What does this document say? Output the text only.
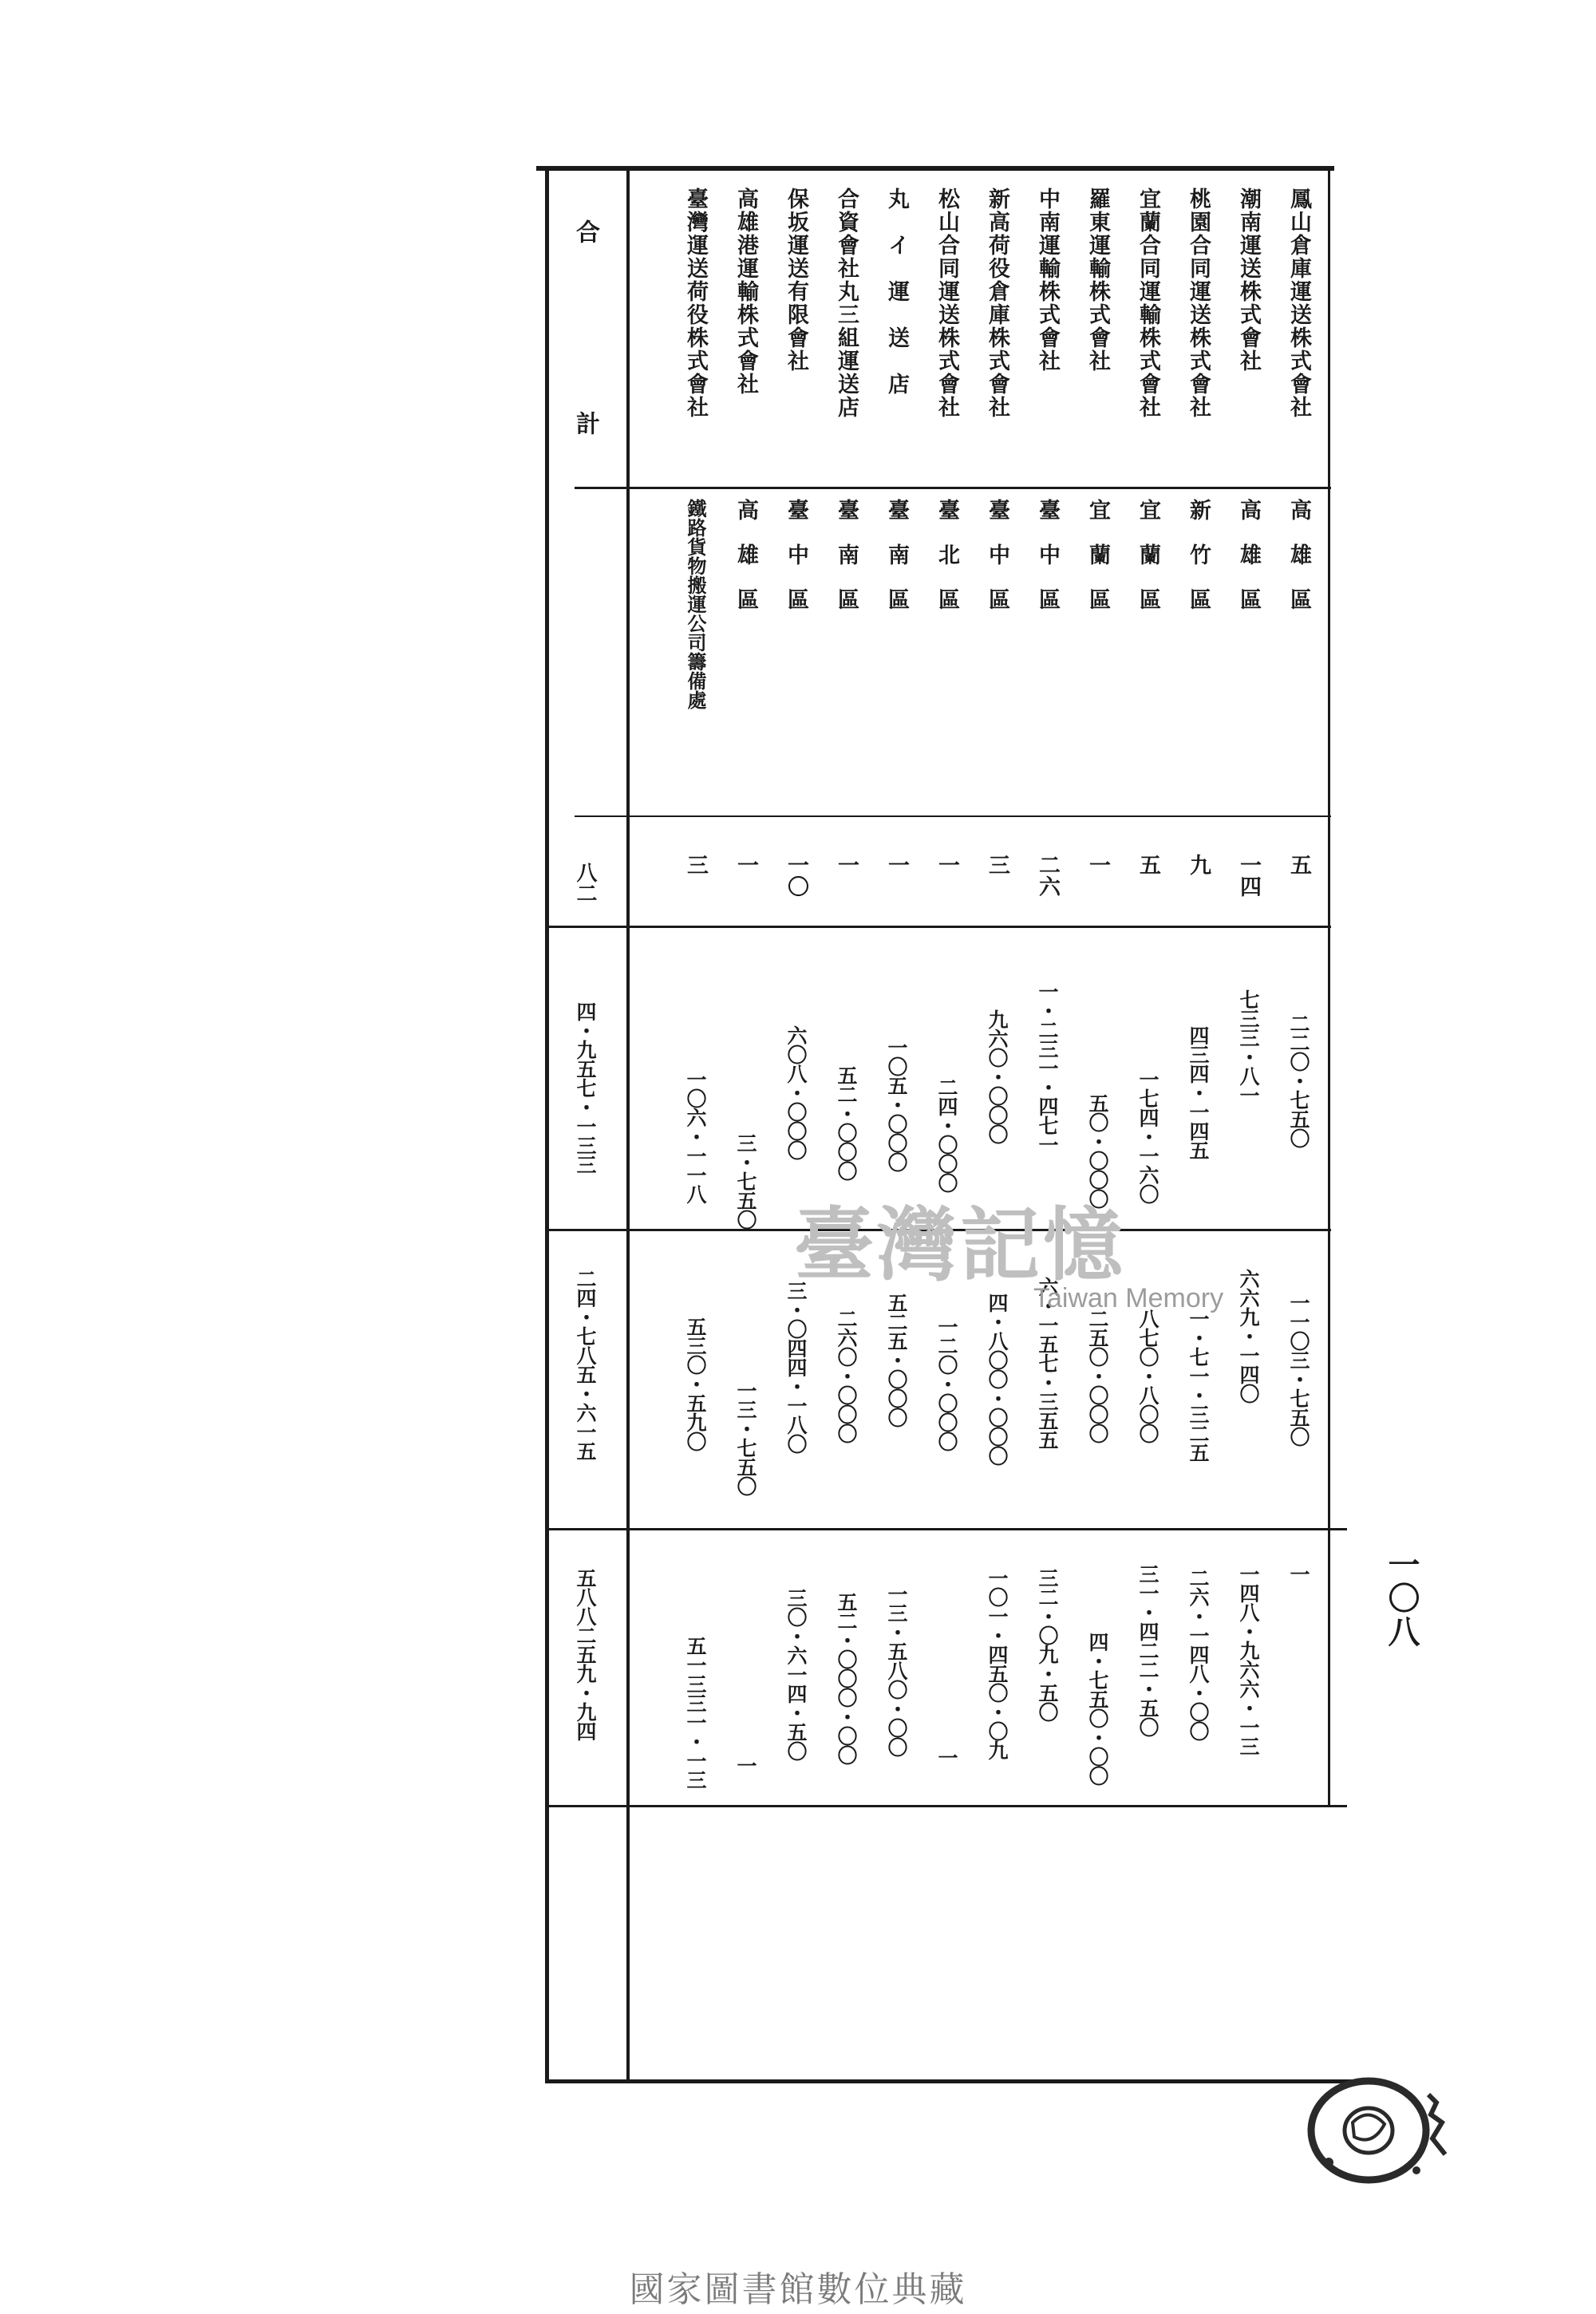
一〇八
合
計
八二
四・九五七・一三三
二四・七八五・六一五
五八八二五九・九四
鳳山倉庫運送株式會社
高　雄　區
五
二二〇・七五〇
一一〇三・七五〇
一
潮南運送株式會社
高　雄　區
一四
七三三・八一
六六九・一四〇
一四八・九六六・一三
桃園合同運送株式會社
新　竹　區
九
四三四・一四五
一・七一・三二五
二六・一四八・〇〇
宜蘭合同運輸株式會社
宜　蘭　區
五
一七四・一六〇
八七〇・八〇〇
三一・四二二・五〇
羅東運輸株式會社
宜　蘭　區
一
五〇・〇〇〇
二五〇・〇〇〇
四・七五〇・〇〇
中南運輸株式會社
臺　中　區
二六
一・二三一・四七一
六・一五七・三五五
三二・〇九・五〇
新高荷役倉庫株式會社
臺　中　區
三
九六〇・〇〇〇
四・八〇〇・〇〇〇
一〇一・四五〇・〇九
松山合同運送株式會社
臺　北　區
一
二四・〇〇〇
一二〇・〇〇〇
一
丸　イ　運　送　店
臺　南　區
一
一〇五・〇〇〇
五二五・〇〇〇
一三・五八〇・〇〇
合資會社丸三組運送店
臺　南　區
一
五二・〇〇〇
二六〇・〇〇〇
五二・〇〇〇・〇〇
保坂運送有限會社
臺　中　區
一〇
六〇八・〇〇〇
三・〇四四・一八〇
三〇・六一四・五〇
高雄港運輸株式會社
高　雄　區
一
三・七五〇
一三・七五〇
一
臺灣運送荷役株式會社
鐵路貨物搬運公司籌備處
三
一〇六・一一八
五三〇・五九〇
五一三三一・一三
臺灣記憶
Taiwan Memory
國家圖書館數位典藏
